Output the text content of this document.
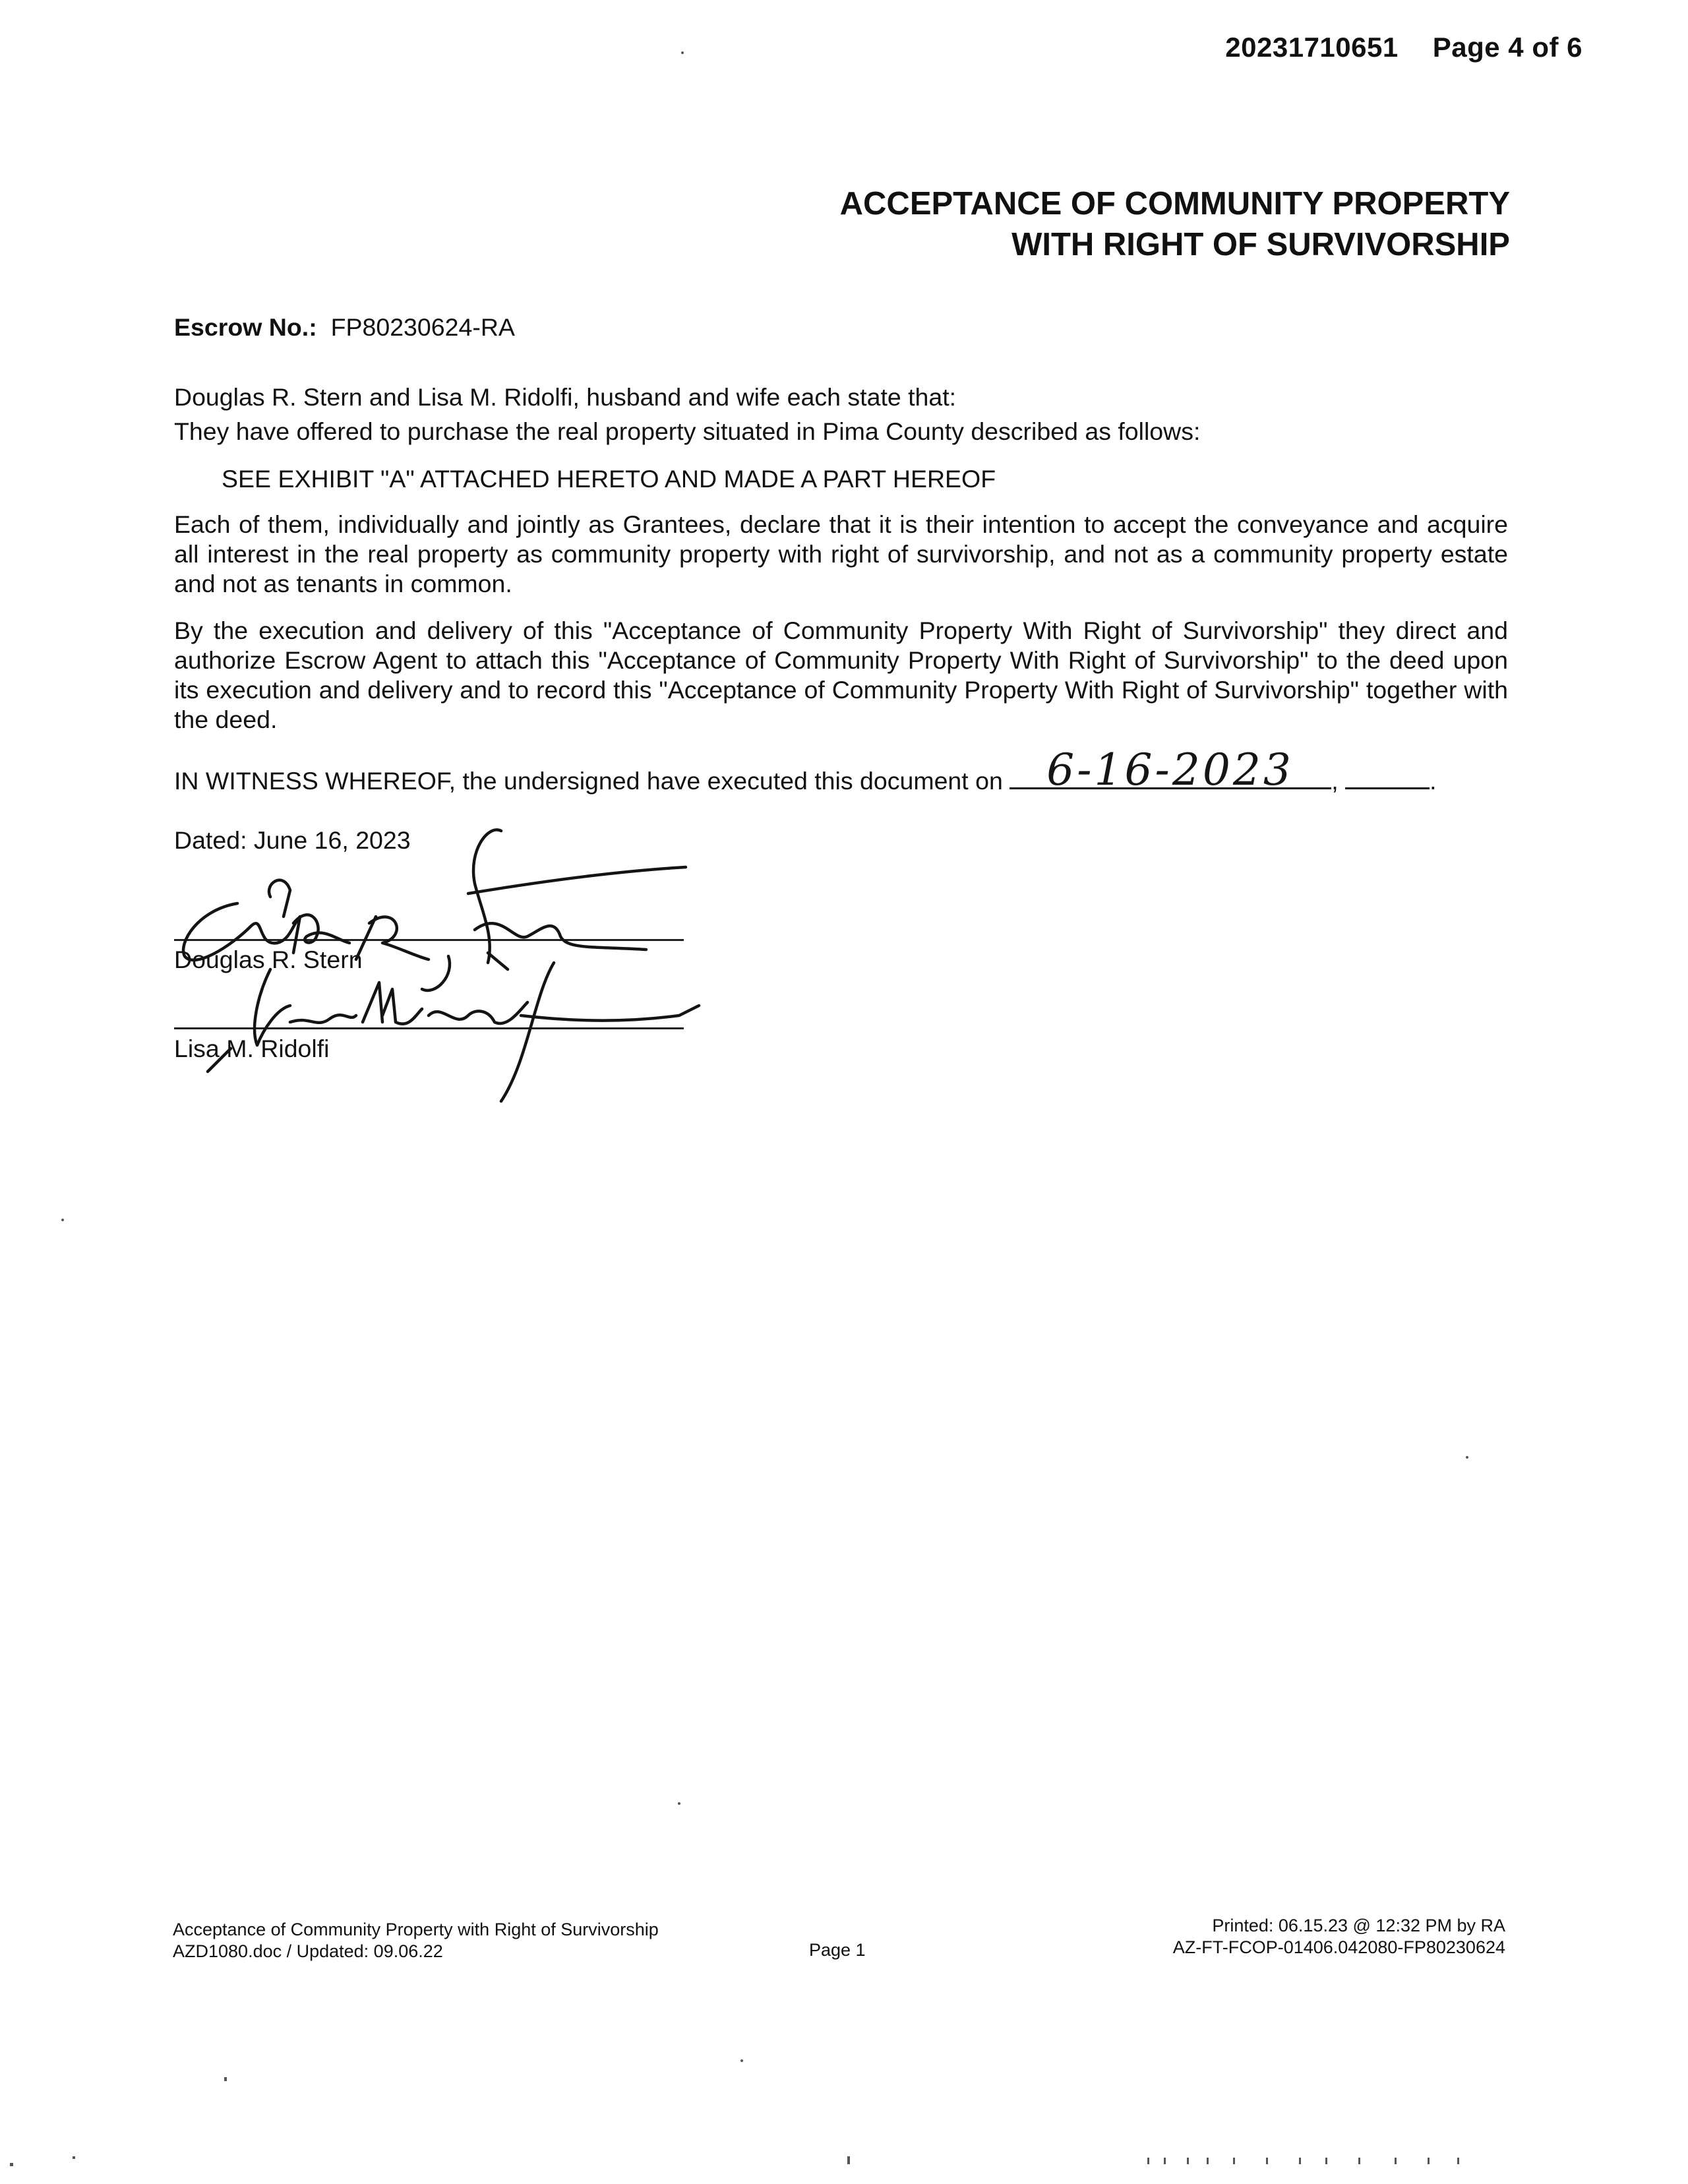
20231710651 Page 4 of 6
ACCEPTANCE OF COMMUNITY PROPERTY
WITH RIGHT OF SURVIVORSHIP
Escrow No.: FP80230624-RA
Douglas R. Stern and Lisa M. Ridolfi, husband and wife each state that:
They have offered to purchase the real property situated in Pima County described as follows:
SEE EXHIBIT "A" ATTACHED HERETO AND MADE A PART HEREOF
Each of them, individually and jointly as Grantees, declare that it is their intention to accept the conveyance and acquire all interest in the real property as community property with right of survivorship, and not as a community property estate and not as tenants in common.
By the execution and delivery of this "Acceptance of Community Property With Right of Survivorship" they direct and authorize Escrow Agent to attach this "Acceptance of Community Property With Right of Survivorship" to the deed upon its execution and delivery and to record this "Acceptance of Community Property With Right of Survivorship" together with the deed.
IN WITNESS WHEREOF, the undersigned have executed this document on 6-16-2023 ,	.
Dated: June 16, 2023
Douglas R. Stern
Lisa M. Ridolfi
Acceptance of Community Property with Right of Survivorship
AZD1080.doc / Updated: 09.06.22	Page 1
Printed: 06.15.23 @ 12:32 PM by RA
AZ-FT-FCOP-01406.042080-FP80230624
